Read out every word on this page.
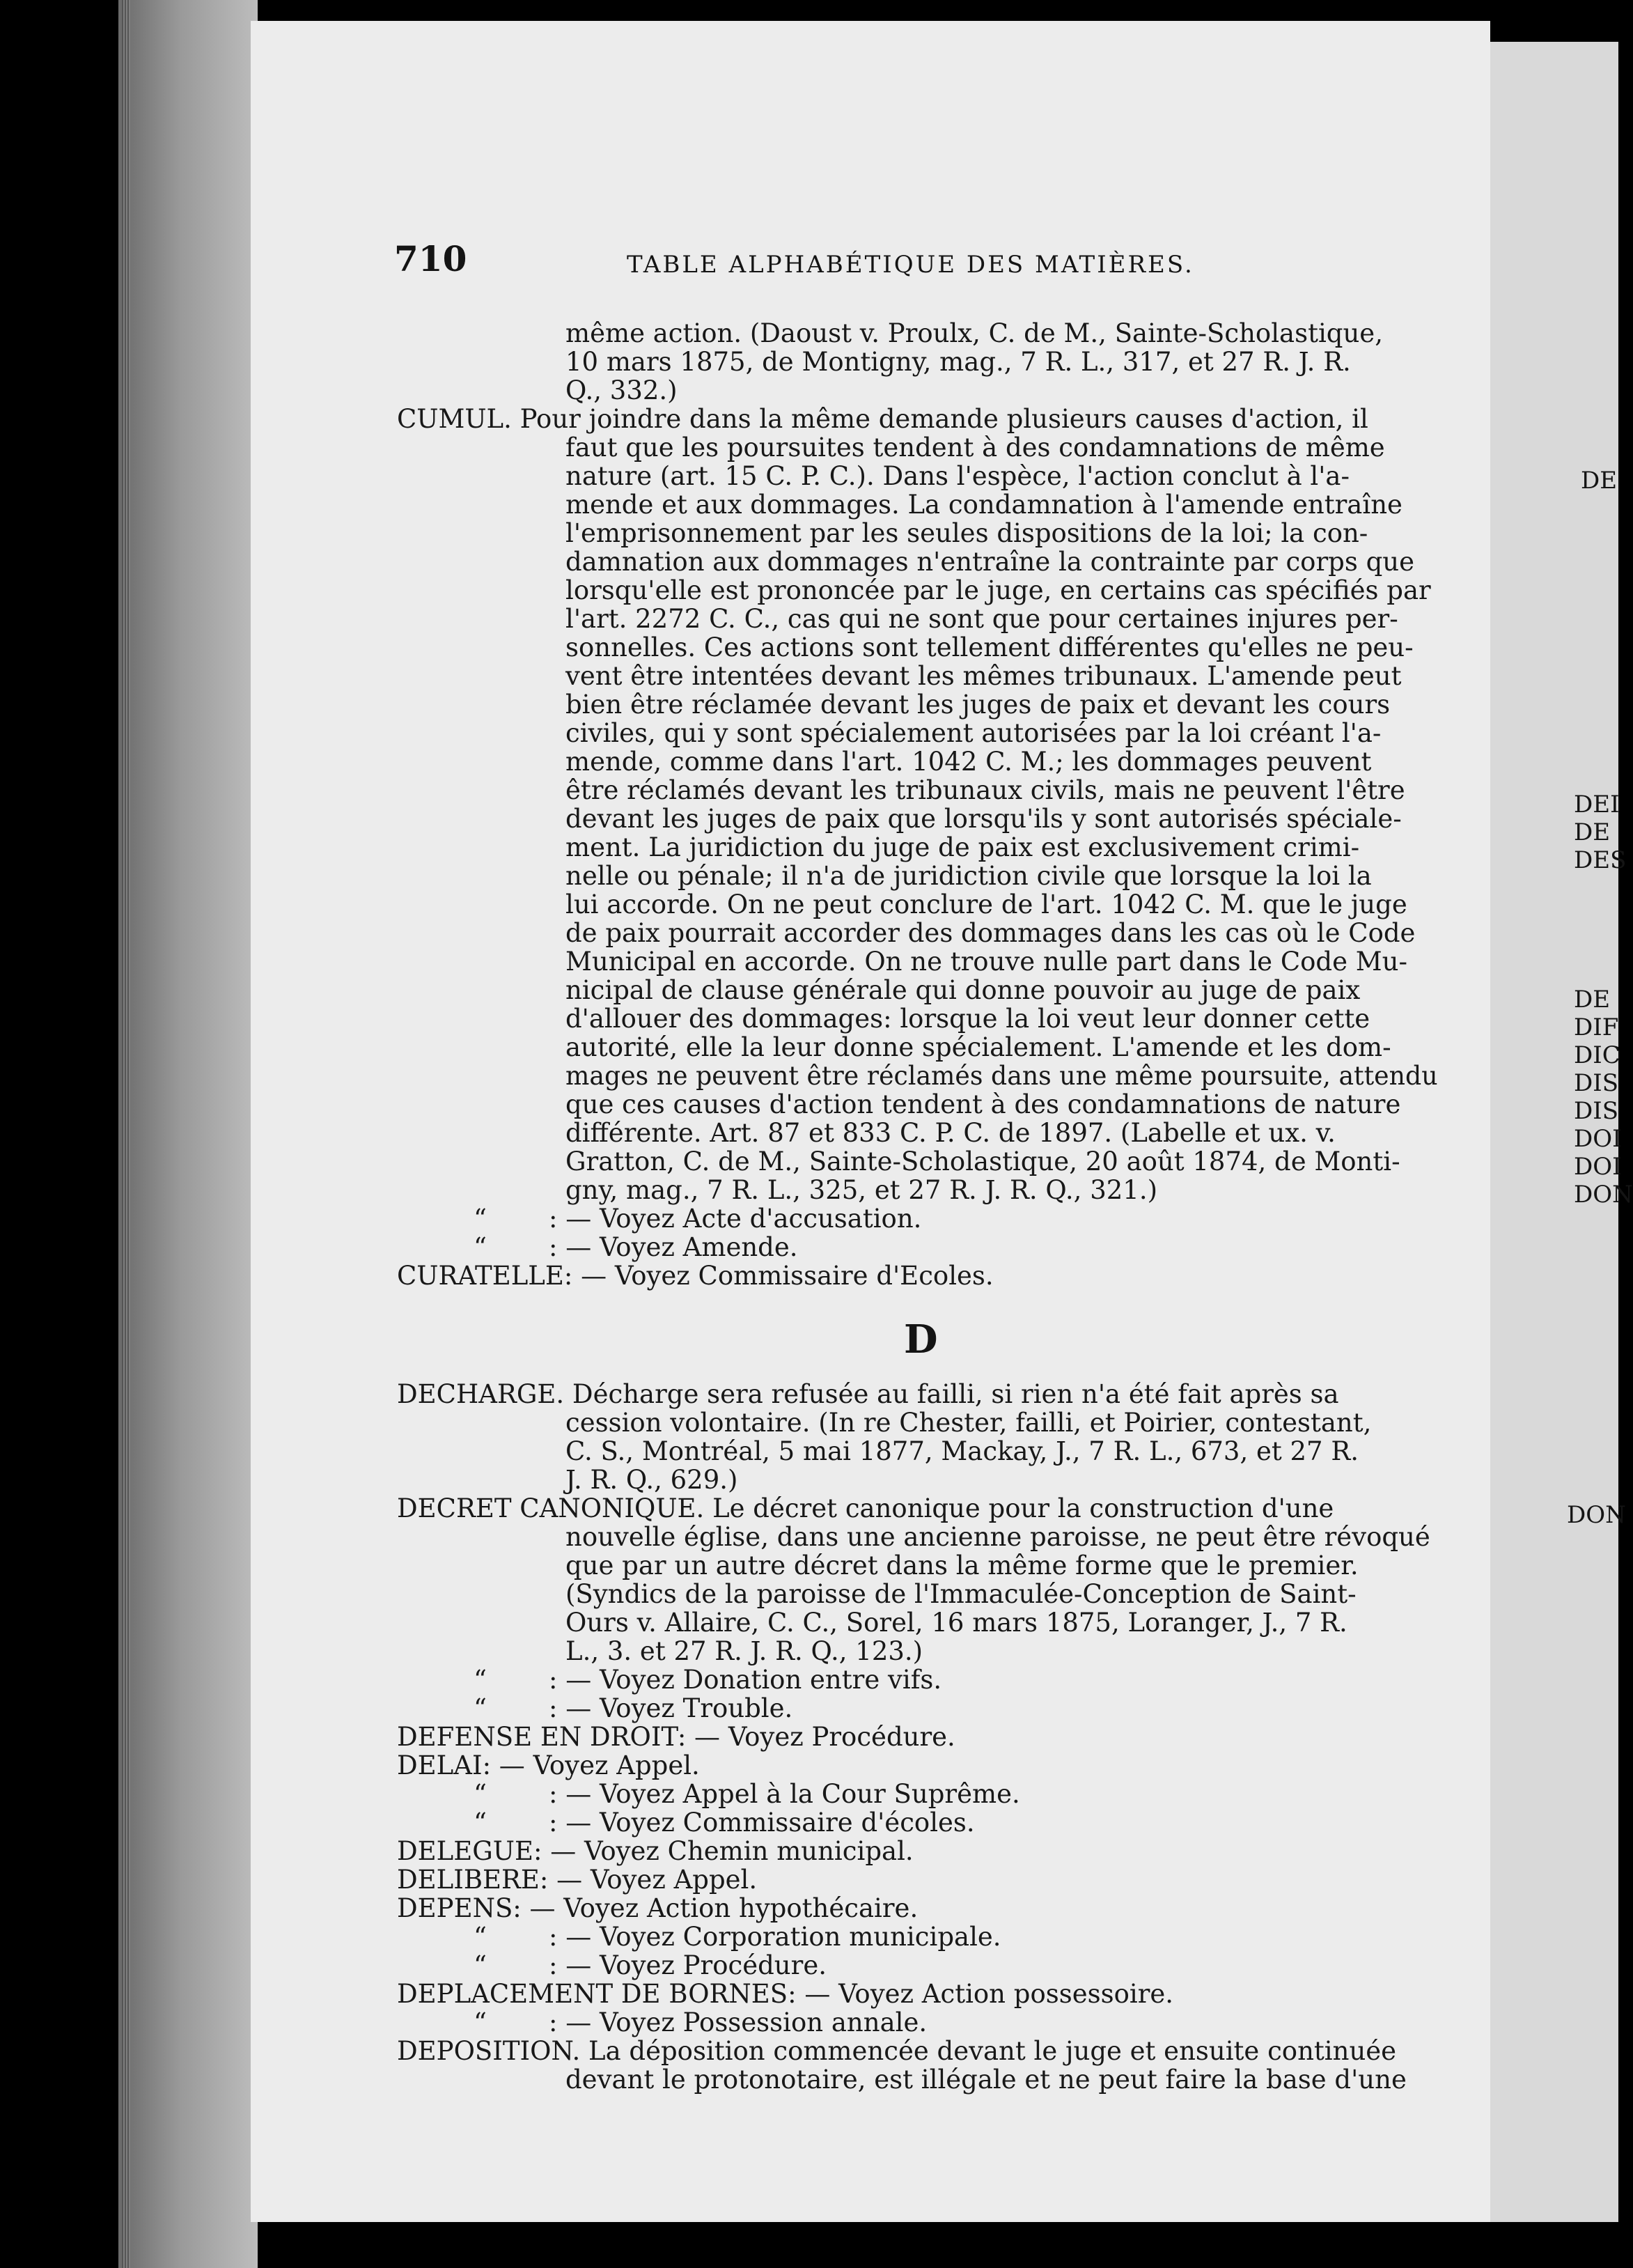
DE
DEI
DE
DES
DE
DIF
DIC
DIS
DIS
DOI
DOI
DON
DON
710	TABLE ALPHABÉTIQUE DES MATIÈRES.
même action. (Daoust v. Proulx, C. de M., Sainte-Scholastique,
10 mars 1875, de Montigny, mag., 7 R. L., 317, et 27 R. J. R.
Q., 332.)
CUMUL. Pour joindre dans la même demande plusieurs causes d'action, il
faut que les poursuites tendent à des condamnations de même
nature (art. 15 C. P. C.). Dans l'espèce, l'action conclut à l'a-
mende et aux dommages. La condamnation à l'amende entraîne
l'emprisonnement par les seules dispositions de la loi; la con-
damnation aux dommages n'entraîne la contrainte par corps que
lorsqu'elle est prononcée par le juge, en certains cas spécifiés par
l'art. 2272 C. C., cas qui ne sont que pour certaines injures per-
sonnelles. Ces actions sont tellement différentes qu'elles ne peu-
vent être intentées devant les mêmes tribunaux. L'amende peut
bien être réclamée devant les juges de paix et devant les cours
civiles, qui y sont spécialement autorisées par la loi créant l'a-
mende, comme dans l'art. 1042 C. M.; les dommages peuvent
être réclamés devant les tribunaux civils, mais ne peuvent l'être
devant les juges de paix que lorsqu'ils y sont autorisés spéciale-
ment. La juridiction du juge de paix est exclusivement crimi-
nelle ou pénale; il n'a de juridiction civile que lorsque la loi la
lui accorde. On ne peut conclure de l'art. 1042 C. M. que le juge
de paix pourrait accorder des dommages dans les cas où le Code
Municipal en accorde. On ne trouve nulle part dans le Code Mu-
nicipal de clause générale qui donne pouvoir au juge de paix
d'allouer des dommages: lorsque la loi veut leur donner cette
autorité, elle la leur donne spécialement. L'amende et les dom-
mages ne peuvent être réclamés dans une même poursuite, attendu
que ces causes d'action tendent à des condamnations de nature
différente. Art. 87 et 833 C. P. C. de 1897. (Labelle et ux. v.
Gratton, C. de M., Sainte-Scholastique, 20 août 1874, de Monti-
gny, mag., 7 R. L., 325, et 27 R. J. R. Q., 321.)
“ : — Voyez Acte d'accusation.
“ : — Voyez Amende.
CURATELLE: — Voyez Commissaire d'Ecoles.
DECHARGE. Décharge sera refusée au failli, si rien n'a été fait après sa
cession volontaire. (In re Chester, failli, et Poirier, contestant,
C. S., Montréal, 5 mai 1877, Mackay, J., 7 R. L., 673, et 27 R.
J. R. Q., 629.)
DECRET CANONIQUE. Le décret canonique pour la construction d'une
nouvelle église, dans une ancienne paroisse, ne peut être révoqué
que par un autre décret dans la même forme que le premier.
(Syndics de la paroisse de l'Immaculée-Conception de Saint-
Ours v. Allaire, C. C., Sorel, 16 mars 1875, Loranger, J., 7 R.
L., 3. et 27 R. J. R. Q., 123.)
“ : — Voyez Donation entre vifs.
“ : — Voyez Trouble.
DEFENSE EN DROIT: — Voyez Procédure.
DELAI: — Voyez Appel.
“ : — Voyez Appel à la Cour Suprême.
“ : — Voyez Commissaire d'écoles.
DELEGUE: — Voyez Chemin municipal.
DELIBERE: — Voyez Appel.
DEPENS: — Voyez Action hypothécaire.
“ : — Voyez Corporation municipale.
“ : — Voyez Procédure.
DEPLACEMENT DE BORNES: — Voyez Action possessoire.
“ : — Voyez Possession annale.
DEPOSITION. La déposition commencée devant le juge et ensuite continuée
devant le protonotaire, est illégale et ne peut faire la base d'une
D
